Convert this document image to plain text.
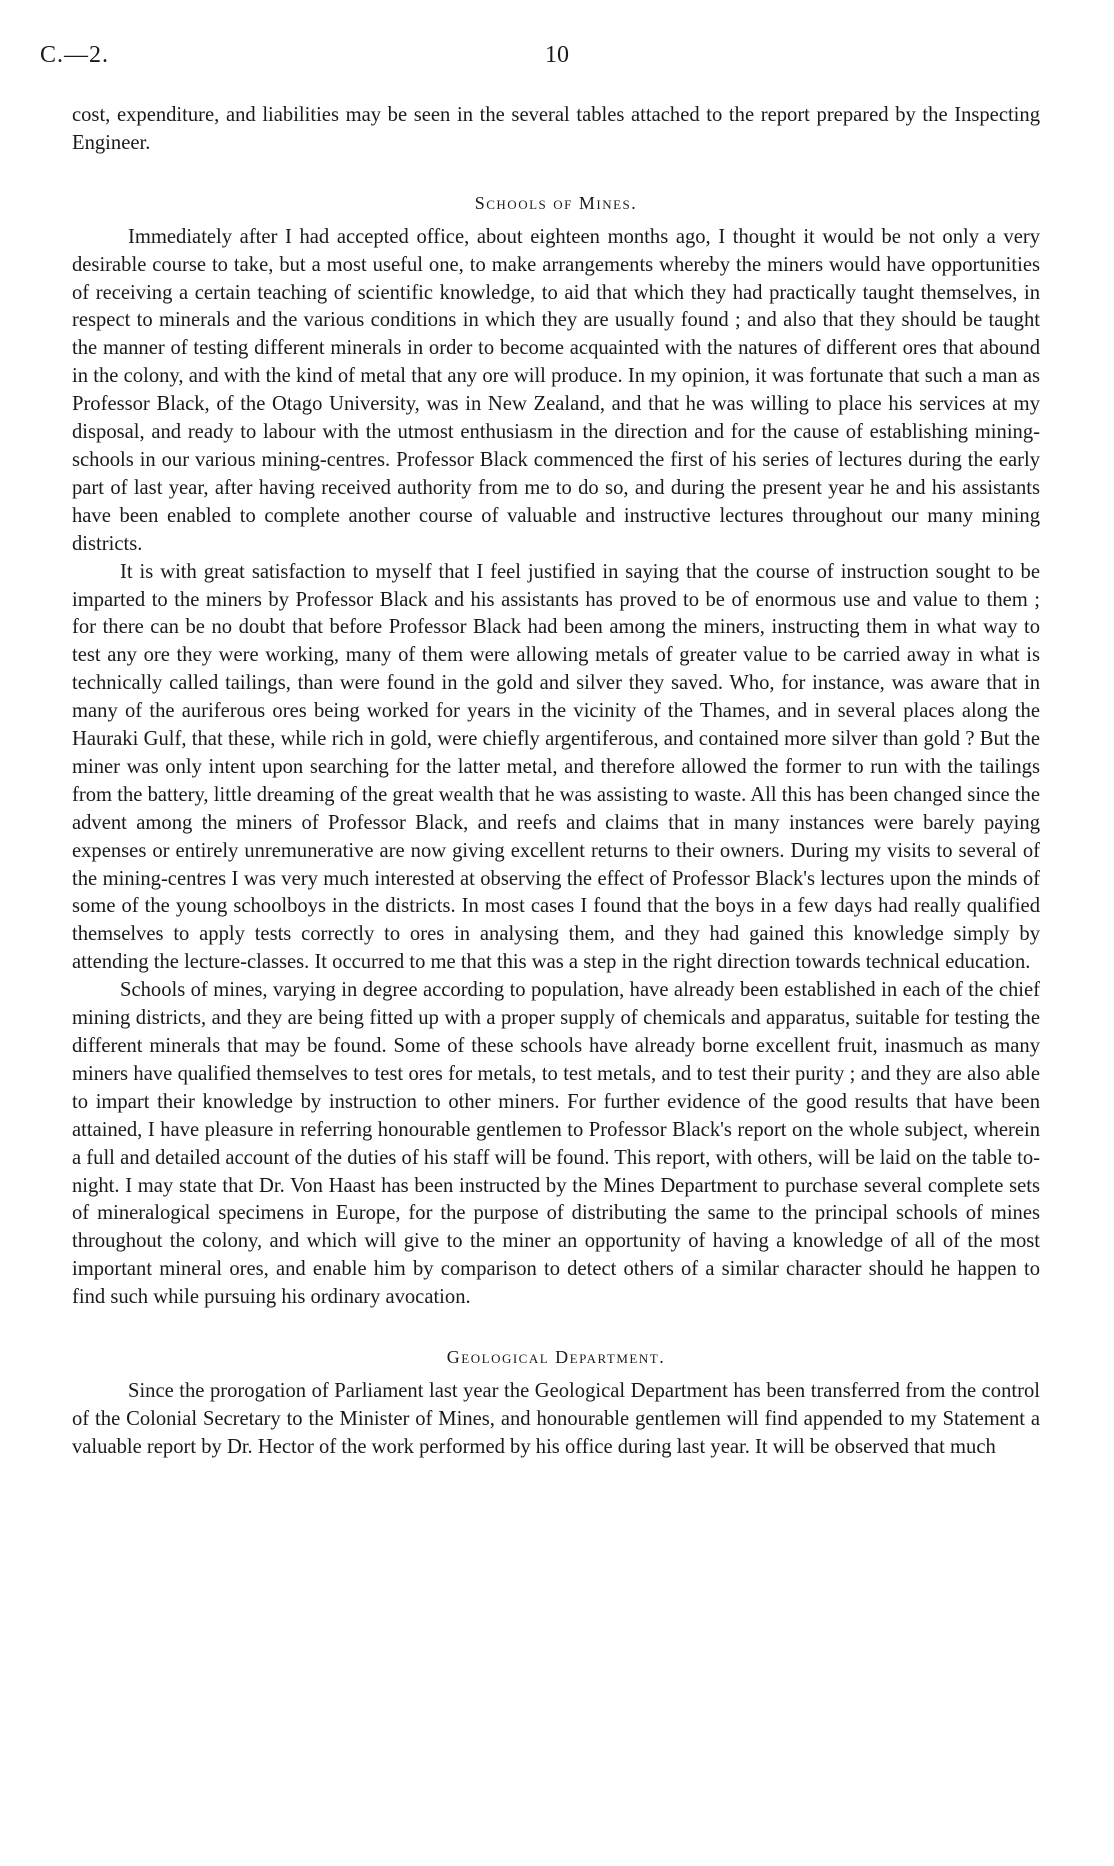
C.—2.	10

cost, expenditure, and liabilities may be seen in the several tables attached to the report prepared by the Inspecting Engineer.

Schools of Mines.

Immediately after I had accepted office, about eighteen months ago, I thought it would be not only a very desirable course to take, but a most useful one, to make arrangements whereby the miners would have opportunities of receiving a certain teaching of scientific knowledge, to aid that which they had practically taught themselves, in respect to minerals and the various conditions in which they are usually found ; and also that they should be taught the manner of testing different minerals in order to become acquainted with the natures of different ores that abound in the colony, and with the kind of metal that any ore will produce. In my opinion, it was fortunate that such a man as Professor Black, of the Otago University, was in New Zealand, and that he was willing to place his services at my disposal, and ready to labour with the utmost enthusiasm in the direction and for the cause of establishing mining-schools in our various mining-centres. Professor Black commenced the first of his series of lectures during the early part of last year, after having received authority from me to do so, and during the present year he and his assistants have been enabled to complete another course of valuable and instructive lectures throughout our many mining districts.

It is with great satisfaction to myself that I feel justified in saying that the course of instruction sought to be imparted to the miners by Professor Black and his assistants has proved to be of enormous use and value to them ; for there can be no doubt that before Professor Black had been among the miners, instructing them in what way to test any ore they were working, many of them were allowing metals of greater value to be carried away in what is technically called tailings, than were found in the gold and silver they saved. Who, for instance, was aware that in many of the auriferous ores being worked for years in the vicinity of the Thames, and in several places along the Hauraki Gulf, that these, while rich in gold, were chiefly argentiferous, and contained more silver than gold ? But the miner was only intent upon searching for the latter metal, and therefore allowed the former to run with the tailings from the battery, little dreaming of the great wealth that he was assisting to waste. All this has been changed since the advent among the miners of Professor Black, and reefs and claims that in many instances were barely paying expenses or entirely unremunerative are now giving excellent returns to their owners. During my visits to several of the mining-centres I was very much interested at observing the effect of Professor Black's lectures upon the minds of some of the young schoolboys in the districts. In most cases I found that the boys in a few days had really qualified themselves to apply tests correctly to ores in analysing them, and they had gained this knowledge simply by attending the lecture-classes. It occurred to me that this was a step in the right direction towards technical education.

Schools of mines, varying in degree according to population, have already been established in each of the chief mining districts, and they are being fitted up with a proper supply of chemicals and apparatus, suitable for testing the different minerals that may be found. Some of these schools have already borne excellent fruit, inasmuch as many miners have qualified themselves to test ores for metals, to test metals, and to test their purity ; and they are also able to impart their knowledge by instruction to other miners. For further evidence of the good results that have been attained, I have pleasure in referring honourable gentlemen to Professor Black's report on the whole subject, wherein a full and detailed account of the duties of his staff will be found. This report, with others, will be laid on the table to-night. I may state that Dr. Von Haast has been instructed by the Mines Department to purchase several complete sets of mineralogical specimens in Europe, for the purpose of distributing the same to the principal schools of mines throughout the colony, and which will give to the miner an opportunity of having a knowledge of all of the most important mineral ores, and enable him by comparison to detect others of a similar character should he happen to find such while pursuing his ordinary avocation.

Geological Department.

Since the prorogation of Parliament last year the Geological Department has been transferred from the control of the Colonial Secretary to the Minister of Mines, and honourable gentlemen will find appended to my Statement a valuable report by Dr. Hector of the work performed by his office during last year. It will be observed that much
